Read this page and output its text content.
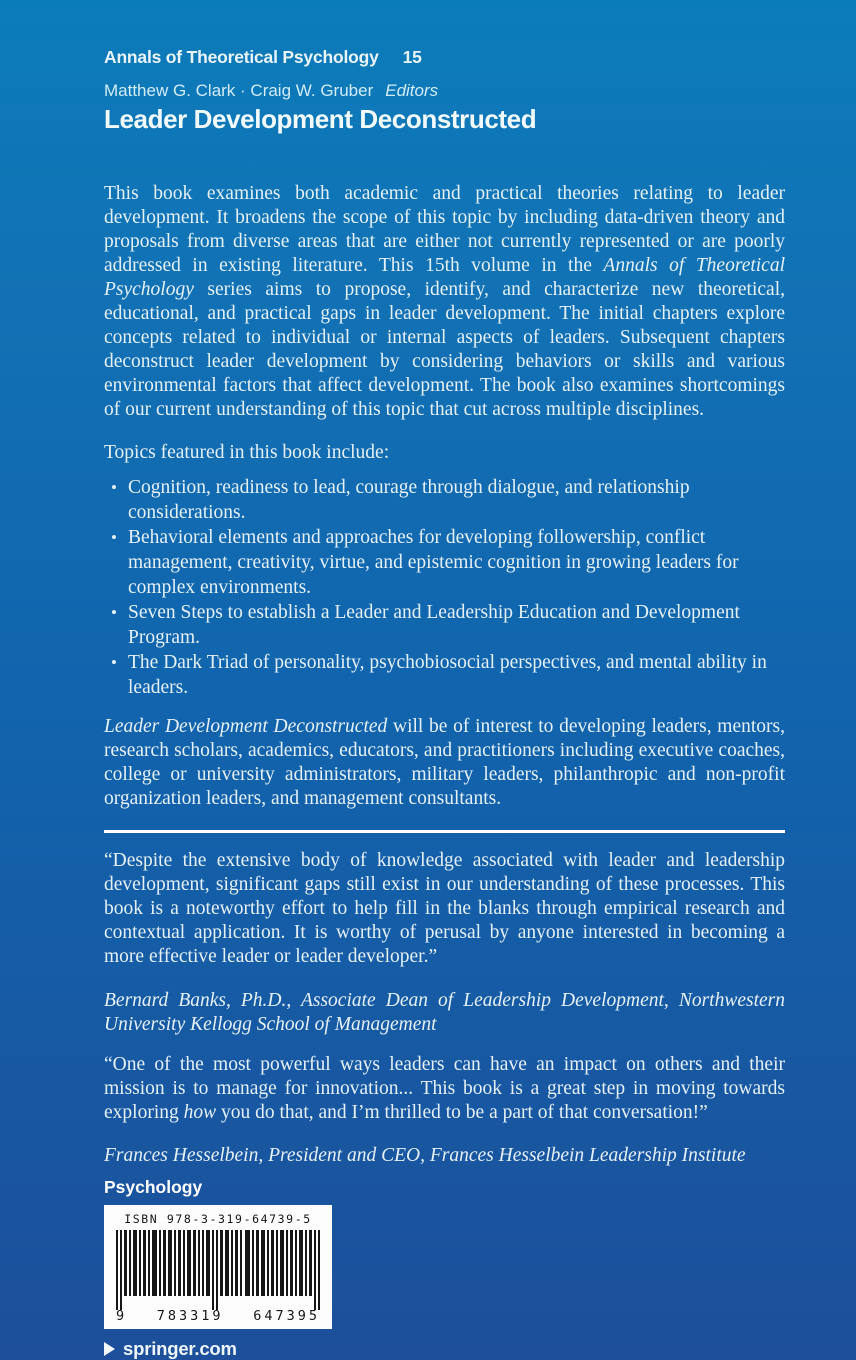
Annals of Theoretical Psychology 15
Matthew G. Clark · Craig W. Gruber Editors
Leader Development Deconstructed

This book examines both academic and practical theories relating to leader development. It broadens the scope of this topic by including data-driven theory and proposals from diverse areas that are either not currently represented or are poorly addressed in existing literature. This 15th volume in the Annals of Theoretical Psychology series aims to propose, identify, and characterize new theoretical, educational, and practical gaps in leader development. The initial chapters explore concepts related to individual or internal aspects of leaders. Subsequent chapters deconstruct leader development by considering behaviors or skills and various environmental factors that affect development. The book also examines shortcomings of our current understanding of this topic that cut across multiple disciplines.

Topics featured in this book include:
• Cognition, readiness to lead, courage through dialogue, and relationship considerations.
• Behavioral elements and approaches for developing followership, conflict management, creativity, virtue, and epistemic cognition in growing leaders for complex environments.
• Seven Steps to establish a Leader and Leadership Education and Development Program.
• The Dark Triad of personality, psychobiosocial perspectives, and mental ability in leaders.

Leader Development Deconstructed will be of interest to developing leaders, mentors, research scholars, academics, educators, and practitioners including executive coaches, college or university administrators, military leaders, philanthropic and non-profit organization leaders, and management consultants.

“Despite the extensive body of knowledge associated with leader and leadership development, significant gaps still exist in our understanding of these processes. This book is a noteworthy effort to help fill in the blanks through empirical research and contextual application. It is worthy of perusal by anyone interested in becoming a more effective leader or leader developer.”

Bernard Banks, Ph.D., Associate Dean of Leadership Development, Northwestern University Kellogg School of Management

“One of the most powerful ways leaders can have an impact on others and their mission is to manage for innovation... This book is a great step in moving towards exploring how you do that, and I’m thrilled to be a part of that conversation!”

Frances Hesselbein, President and CEO, Frances Hesselbein Leadership Institute
Psychology
ISBN 978-3-319-64739-5
9 783319 647395
springer.com
